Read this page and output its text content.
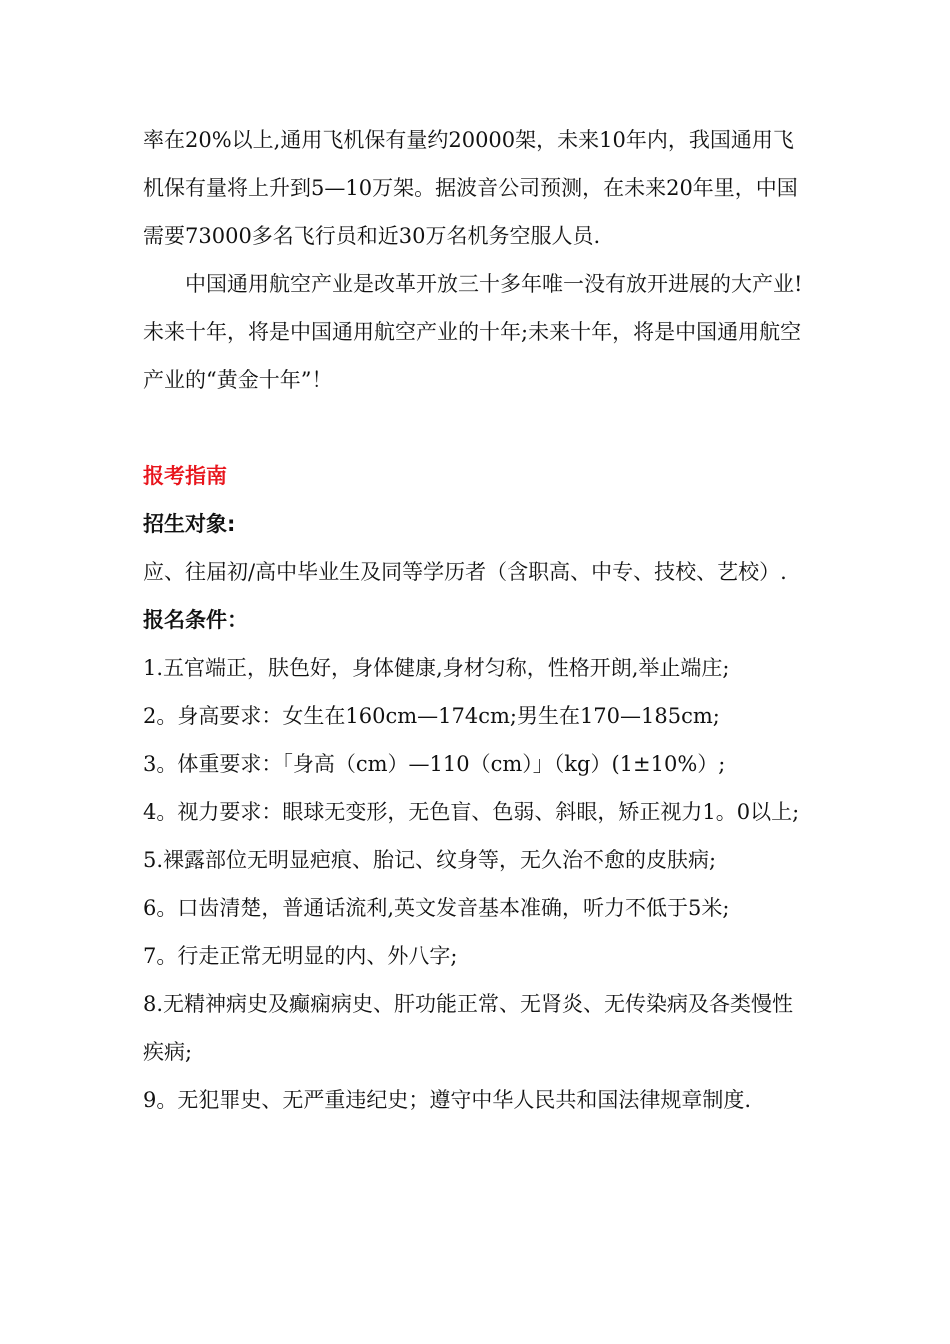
率在20%以上,通用飞机保有量约20000架，未来10年内，我国通用飞机保有量将上升到5—10万架。据波音公司预测，在未来20年里，中国需要73000多名飞行员和近30万名机务空服人员.

中国通用航空产业是改革开放三十多年唯一没有放开进展的大产业!未来十年，将是中国通用航空产业的十年;未来十年，将是中国通用航空产业的“黄金十年”！

报考指南

招生对象:

应、往届初/高中毕业生及同等学历者（含职高、中专、技校、艺校）.

报名条件：

1.五官端正，肤色好，身体健康,身材匀称，性格开朗,举止端庄;

2。身高要求：女生在160cm—174cm;男生在170—185cm;

3。体重要求：「身高（cm）—110（cm）」（kg）(1±10%）;

4。视力要求：眼球无变形，无色盲、色弱、斜眼，矫正视力1。0以上;

5.裸露部位无明显疤痕、胎记、纹身等，无久治不愈的皮肤病;

6。口齿清楚，普通话流利,英文发音基本准确，听力不低于5米;

7。行走正常无明显的内、外八字;

8.无精神病史及癫痫病史、肝功能正常、无肾炎、无传染病及各类慢性疾病;

9。无犯罪史、无严重违纪史；遵守中华人民共和国法律规章制度.
